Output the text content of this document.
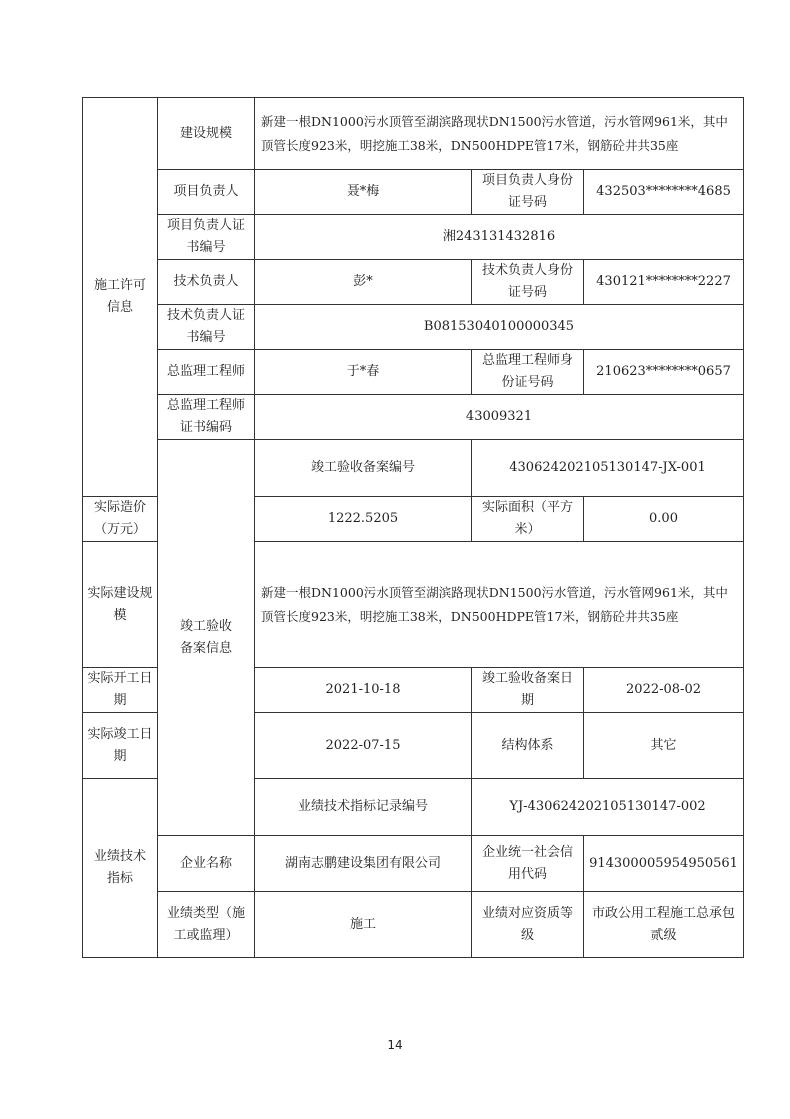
施工许可
信息	建设规模	新建一根DN1000污水顶管至湖滨路现状DN1500污水管道，污水管网961米，其中顶管长度923米，明挖施工38米，DN500HDPE管17米，钢筋砼井共35座		
	项目负责人	聂*梅	项目负责人身份证号码	432503********4685
	项目负责人证书编号	湘243131432816		
	技术负责人	彭*	技术负责人身份证号码	430121********2227
	技术负责人证书编号	B08153040100000345		
	总监理工程师	于*春	总监理工程师身份证号码	210623********0657
	总监理工程师证书编码	43009321		
	竣工验收
备案信息	竣工验收备案编号	430624202105130147-JX-001	
实际造价（万元）		1222.5205	实际面积（平方米）	0.00
实际建设规模		新建一根DN1000污水顶管至湖滨路现状DN1500污水管道，污水管网961米，其中顶管长度923米，明挖施工38米，DN500HDPE管17米，钢筋砼井共35座		
实际开工日期		2021-10-18	竣工验收备案日期	2022-08-02
实际竣工日期		2022-07-15	结构体系	其它
业绩技术
指标		业绩技术指标记录编号	YJ-430624202105130147-002	
	企业名称	湖南志鹏建设集团有限公司	企业统一社会信用代码	914300005954950561
	业绩类型（施工或监理）	施工	业绩对应资质等级	市政公用工程施工总承包贰级
14
